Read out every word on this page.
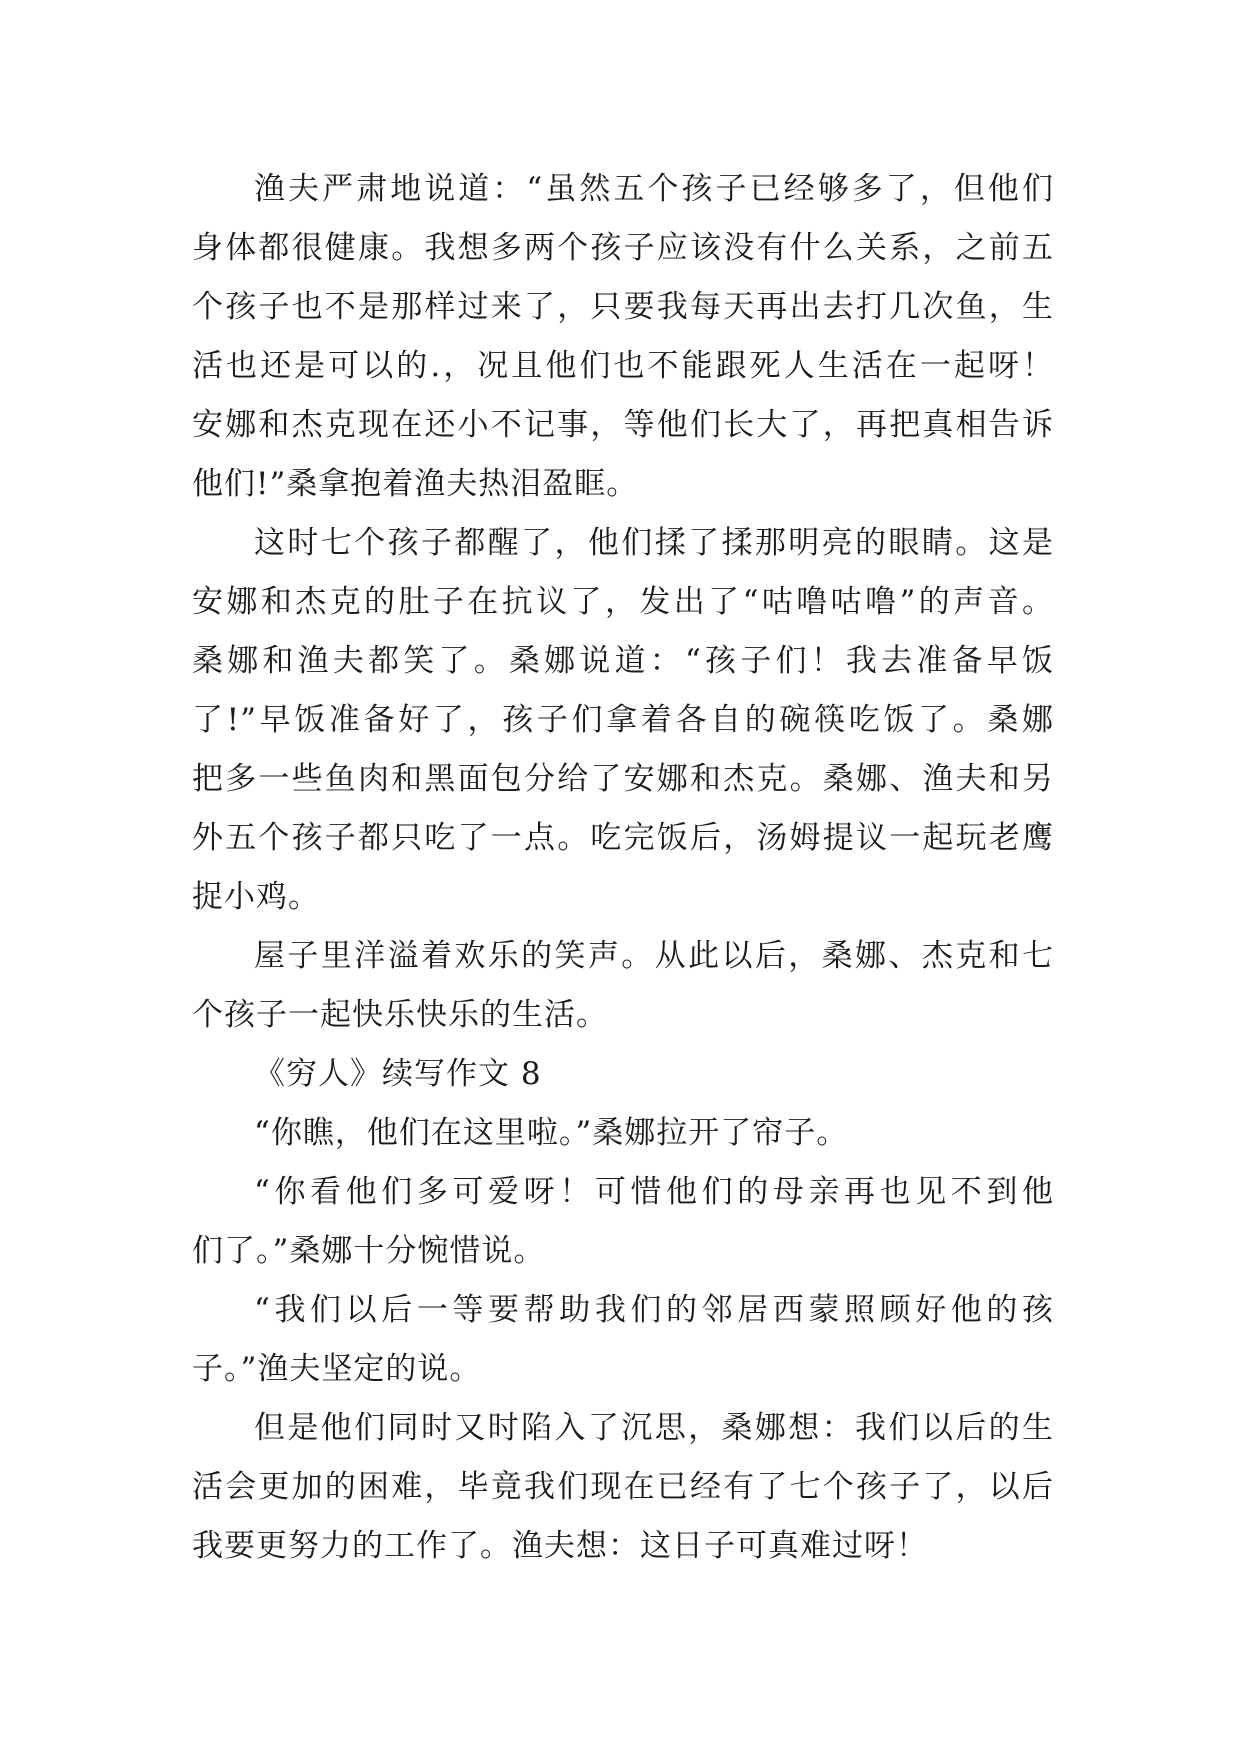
渔夫严肃地说道：“虽然五个孩子已经够多了，但他们
身体都很健康。我想多两个孩子应该没有什么关系，之前五
个孩子也不是那样过来了，只要我每天再出去打几次鱼，生
活也还是可以的.，况且他们也不能跟死人生活在一起呀！
安娜和杰克现在还小不记事，等他们长大了，再把真相告诉
他们!”桑拿抱着渔夫热泪盈眶。
这时七个孩子都醒了，他们揉了揉那明亮的眼睛。这是
安娜和杰克的肚子在抗议了，发出了“咕噜咕噜”的声音。
桑娜和渔夫都笑了。桑娜说道：“孩子们！我去准备早饭
了!”早饭准备好了，孩子们拿着各自的碗筷吃饭了。桑娜
把多一些鱼肉和黑面包分给了安娜和杰克。桑娜、渔夫和另
外五个孩子都只吃了一点。吃完饭后，汤姆提议一起玩老鹰
捉小鸡。
屋子里洋溢着欢乐的笑声。从此以后，桑娜、杰克和七
个孩子一起快乐快乐的生活。
《穷人》续写作文 8
“你瞧，他们在这里啦。”桑娜拉开了帘子。
“你看他们多可爱呀！可惜他们的母亲再也见不到他
们了。”桑娜十分惋惜说。
“我们以后一等要帮助我们的邻居西蒙照顾好他的孩
子。”渔夫坚定的说。
但是他们同时又时陷入了沉思，桑娜想：我们以后的生
活会更加的困难，毕竟我们现在已经有了七个孩子了，以后
我要更努力的工作了。渔夫想：这日子可真难过呀！
